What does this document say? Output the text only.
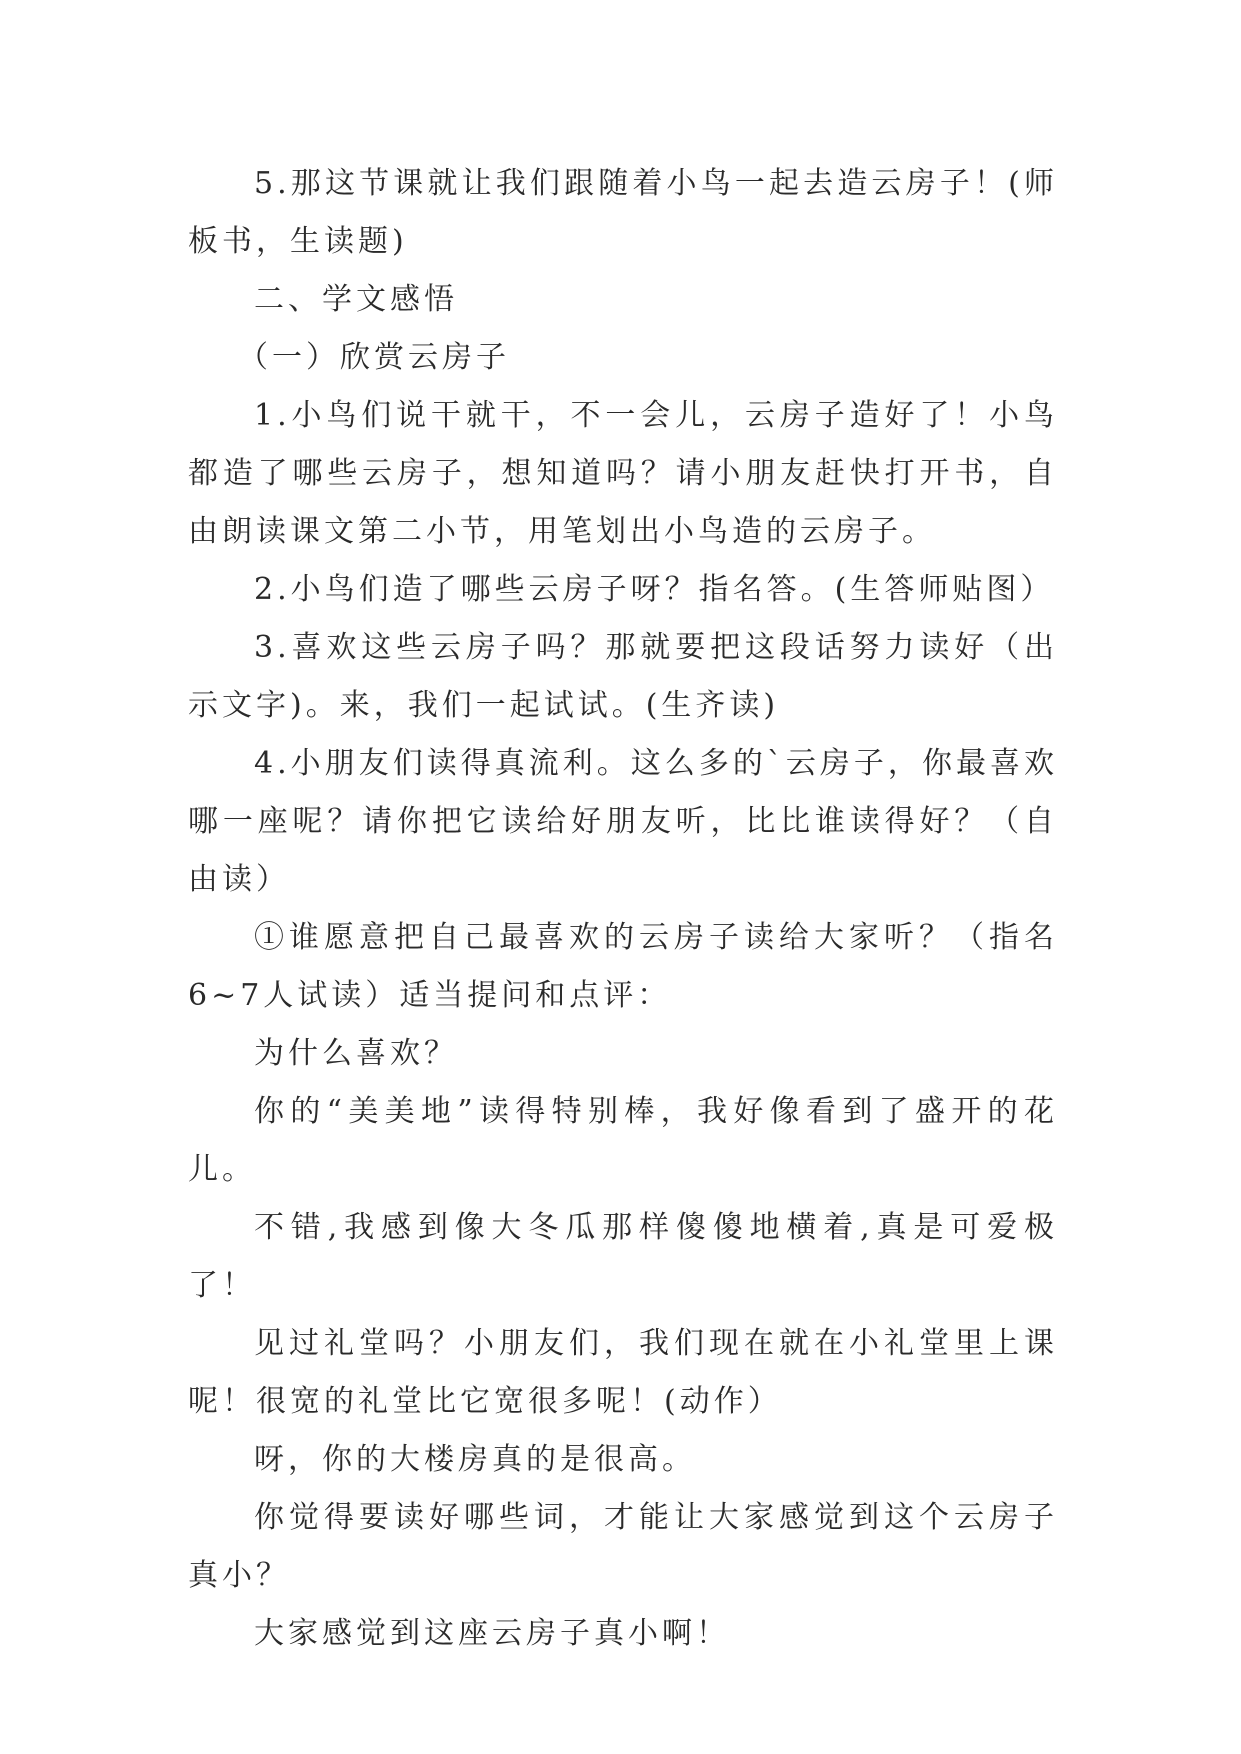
5.那这节课就让我们跟随着小鸟一起去造云房子！(师板书，生读题)

二、学文感悟

（一）欣赏云房子

1.小鸟们说干就干，不一会儿，云房子造好了！小鸟都造了哪些云房子，想知道吗？请小朋友赶快打开书，自由朗读课文第二小节，用笔划出小鸟造的云房子。

2.小鸟们造了哪些云房子呀？指名答。(生答师贴图）

3.喜欢这些云房子吗？那就要把这段话努力读好（出示文字)。来，我们一起试试。(生齐读)

4.小朋友们读得真流利。这么多的`云房子，你最喜欢哪一座呢？请你把它读给好朋友听，比比谁读得好？（自由读）

①谁愿意把自己最喜欢的云房子读给大家听？（指名6~7人试读）适当提问和点评：

为什么喜欢？

你的“美美地”读得特别棒，我好像看到了盛开的花儿。

不错,我感到像大冬瓜那样傻傻地横着,真是可爱极了！

见过礼堂吗？小朋友们，我们现在就在小礼堂里上课呢！很宽的礼堂比它宽很多呢！(动作）

呀，你的大楼房真的是很高。

你觉得要读好哪些词，才能让大家感觉到这个云房子真小？

大家感觉到这座云房子真小啊！
